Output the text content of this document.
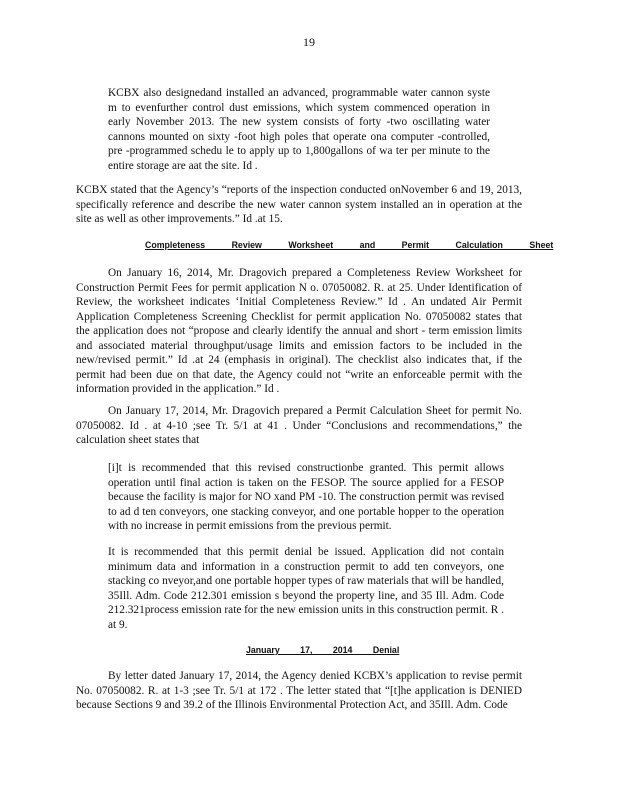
19

KCBX also designedand installed an advanced, programmable water cannon syste m to evenfurther control dust emissions, which system commenced operation in early November 2013. The new system consists of forty -two oscillating water cannons mounted on sixty -foot high poles that operate ona computer -controlled, pre -programmed schedu le to apply up to 1,800gallons of wa ter per minute to the entire storage are aat the site. Id .

KCBX stated that the Agency’s “reports of the inspection conducted onNovember 6 and 19, 2013, specifically reference and describe the new water cannon system installed an in operation at the site as well as other improvements.” Id .at 15.

Completeness Review Worksheet and Permit Calculation Sheet

On January 16, 2014, Mr. Dragovich prepared a Completeness Review Worksheet for Construction Permit Fees for permit application N o. 07050082. R. at 25. Under Identification of Review, the worksheet indicates ‘Initial Completeness Review.” Id . An undated Air Permit Application Completeness Screening Checklist for permit application No. 07050082 states that the application does not “propose and clearly identify the annual and short - term emission limits and associated material throughput/usage limits and emission factors to be included in the new/revised permit.” Id .at 24 (emphasis in original). The checklist also indicates that, if the permit had been due on that date, the Agency could not “write an enforceable permit with the information provided in the application.” Id .

On January 17, 2014, Mr. Dragovich prepared a Permit Calculation Sheet for permit No. 07050082. Id . at 4-10 ;see Tr. 5/1 at 41 . Under “Conclusions and recommendations,” the calculation sheet states that

[i]t is recommended that this revised constructionbe granted. This permit allows operation until final action is taken on the FESOP. The source applied for a FESOP because the facility is major for NO xand PM -10. The construction permit was revised to ad d ten conveyors, one stacking conveyor, and one portable hopper to the operation with no increase in permit emissions from the previous permit.

It is recommended that this permit denial be issued. Application did not contain minimum data and information in a construction permit to add ten conveyors, one stacking co nveyor,and one portable hopper types of raw materials that will be handled, 35Ill. Adm. Code 212.301 emission s beyond the property line, and 35 Ill. Adm. Code 212.321process emission rate for the new emission units in this construction permit. R . at 9.

January 17, 2014 Denial

By letter dated January 17, 2014, the Agency denied KCBX’s application to revise permit No. 07050082. R. at 1-3 ;see Tr. 5/1 at 172 . The letter stated that “[t]he application is DENIED because Sections 9 and 39.2 of the Illinois Environmental Protection Act, and 35Ill. Adm. Code
